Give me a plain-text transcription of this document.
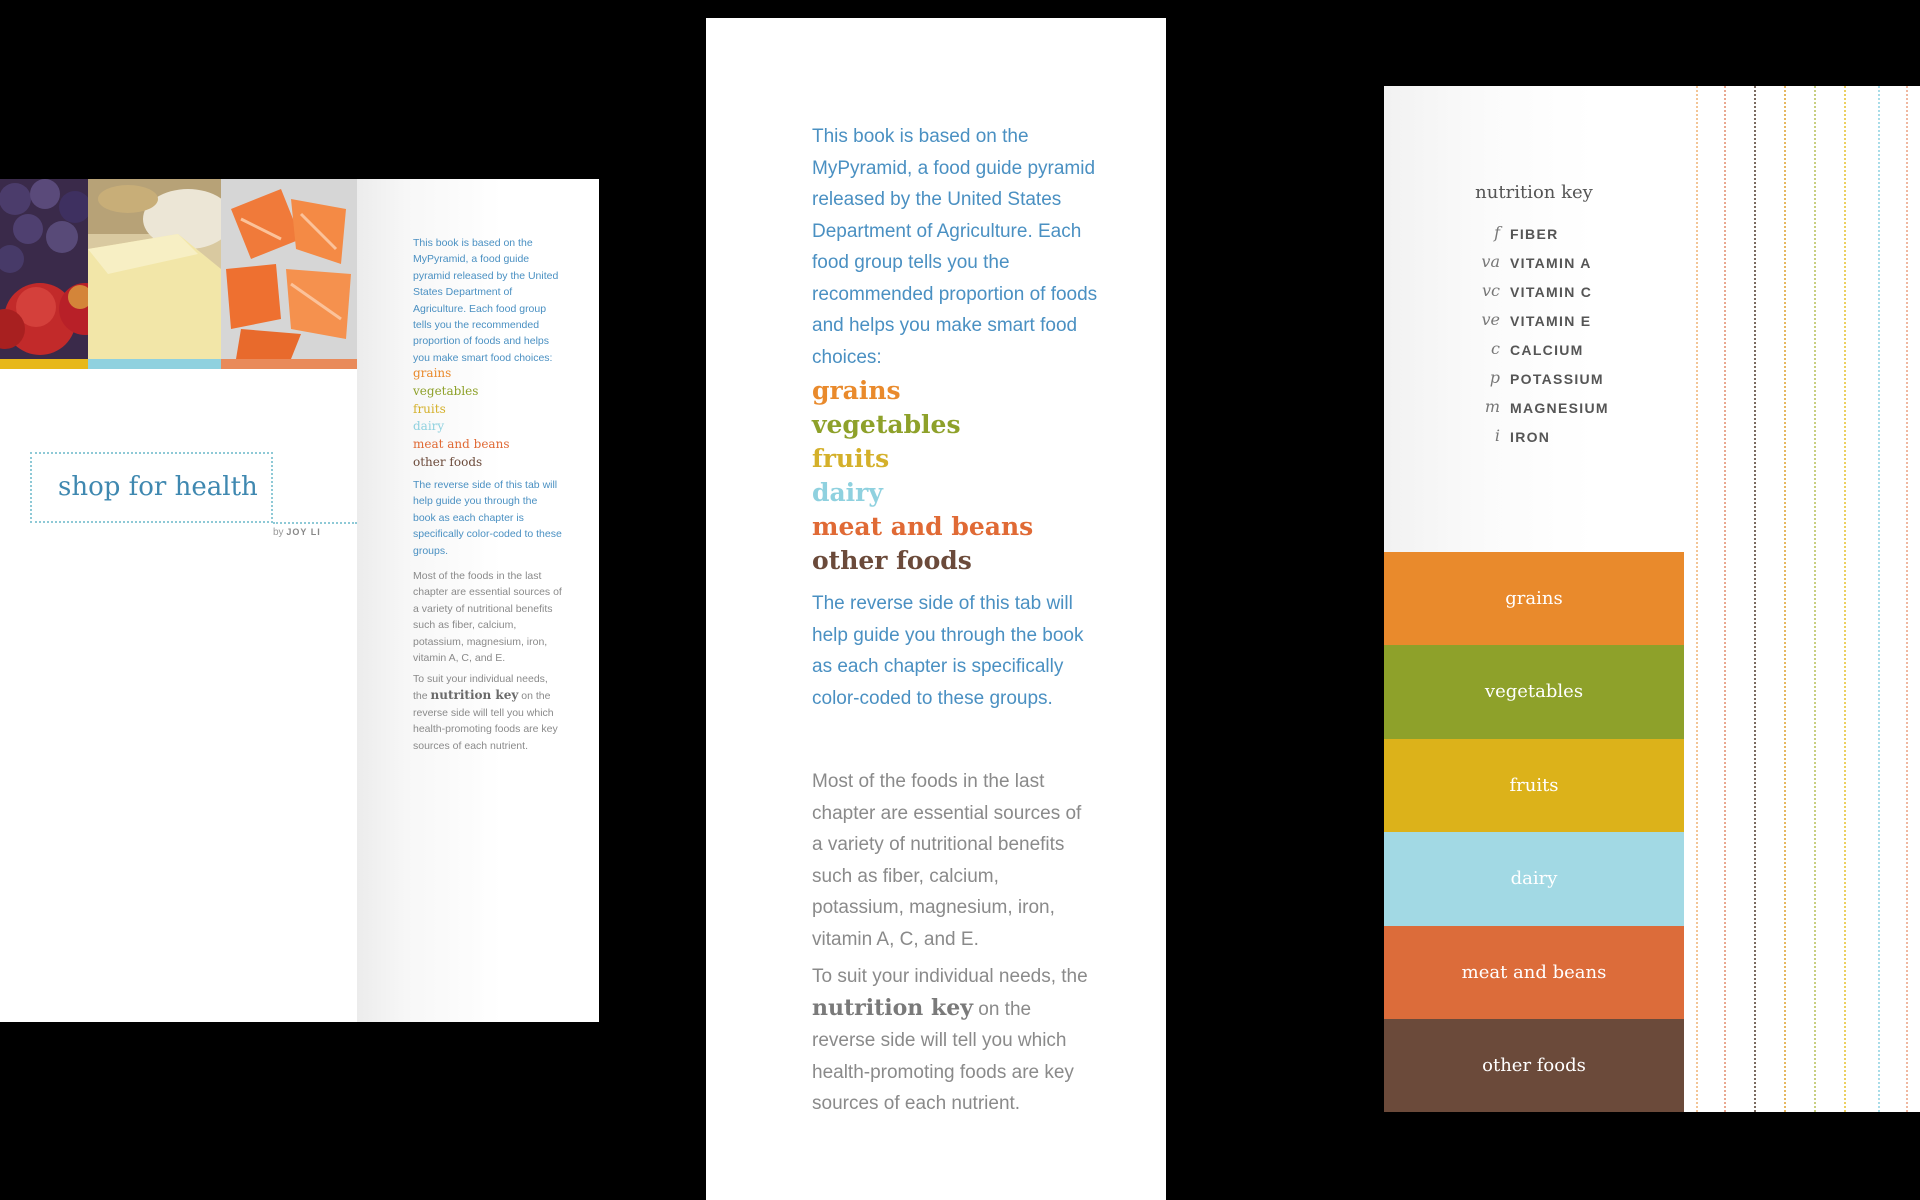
shop for health
by JOY LI
This book is based on the MyPyramid, a food guide pyramid released by the United States Department of Agriculture. Each food group tells you the recommended proportion of foods and helps you make smart food choices:
grains
vegetables
fruits
dairy
meat and beans
other foods
The reverse side of this tab will help guide you through the book as each chapter is specifically color-coded to these groups.
Most of the foods in the last chapter are essential sources of a variety of nutritional benefits such as fiber, calcium, potassium, magnesium, iron, vitamin A, C, and E.
To suit your individual needs, the nutrition key on the reverse side will tell you which health-promoting foods are key sources of each nutrient.
This book is based on the MyPyramid, a food guide pyramid released by the United States Department of Agriculture. Each food group tells you the recommended proportion of foods and helps you make smart food choices:
grains
vegetables
fruits
dairy
meat and beans
other foods
The reverse side of this tab will help guide you through the book as each chapter is specifically color-coded to these groups.
Most of the foods in the last chapter are essential sources of a variety of nutritional benefits such as fiber, calcium, potassium, magnesium, iron, vitamin A, C, and E.
To suit your individual needs, the nutrition key on the reverse side will tell you which health-promoting foods are key sources of each nutrient.
nutrition key
f FIBER
va VITAMIN A
vc VITAMIN C
ve VITAMIN E
c CALCIUM
p POTASSIUM
m MAGNESIUM
i IRON
grains
vegetables
fruits
dairy
meat and beans
other foods
